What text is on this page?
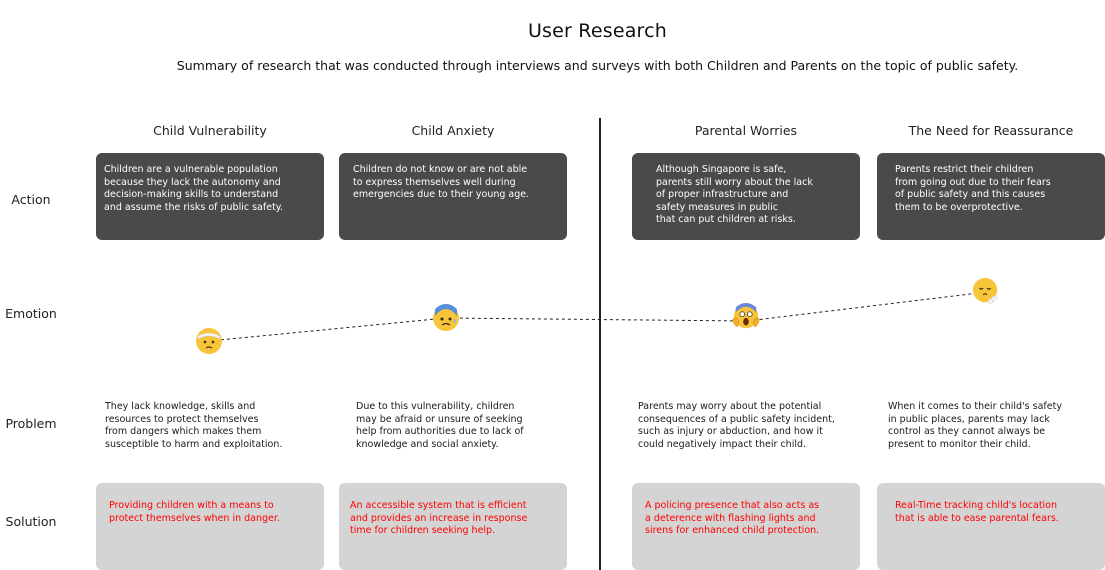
User Research
Summary of research that was conducted through interviews and surveys with both Children and Parents on the topic of public safety.
Action
Emotion
Problem
Solution
Child Vulnerability	Child Anxiety	Parental Worries	The Need for Reassurance
Children are a vulnerable population
because they lack the autonomy and
decision-making skills to understand
and assume the risks of public safety.
Children do not know or are not able
to express themselves well during
emergencies due to their young age.
Although Singapore is safe,
parents still worry about the lack
of proper infrastructure and
safety measures in public
that can put children at risks.
Parents restrict their children
from going out due to their fears
of public safety and this causes
them to be overprotective.
They lack knowledge, skills and
resources to protect themselves
from dangers which makes them
susceptible to harm and exploitation.
Due to this vulnerability, children
may be afraid or unsure of seeking
help from authorities due to lack of
knowledge and social anxiety.
Parents may worry about the potential
consequences of a public safety incident,
such as injury or abduction, and how it
could negatively impact their child.
When it comes to their child's safety
in public places, parents may lack
control as they cannot always be
present to monitor their child.
Providing children with a means to
protect themselves when in danger.
An accessible system that is efficient
and provides an increase in response
time for children seeking help.
A policing presence that also acts as
a deterence with flashing lights and
sirens for enhanced child protection.
Real-Time tracking child's location
that is able to ease parental fears.
